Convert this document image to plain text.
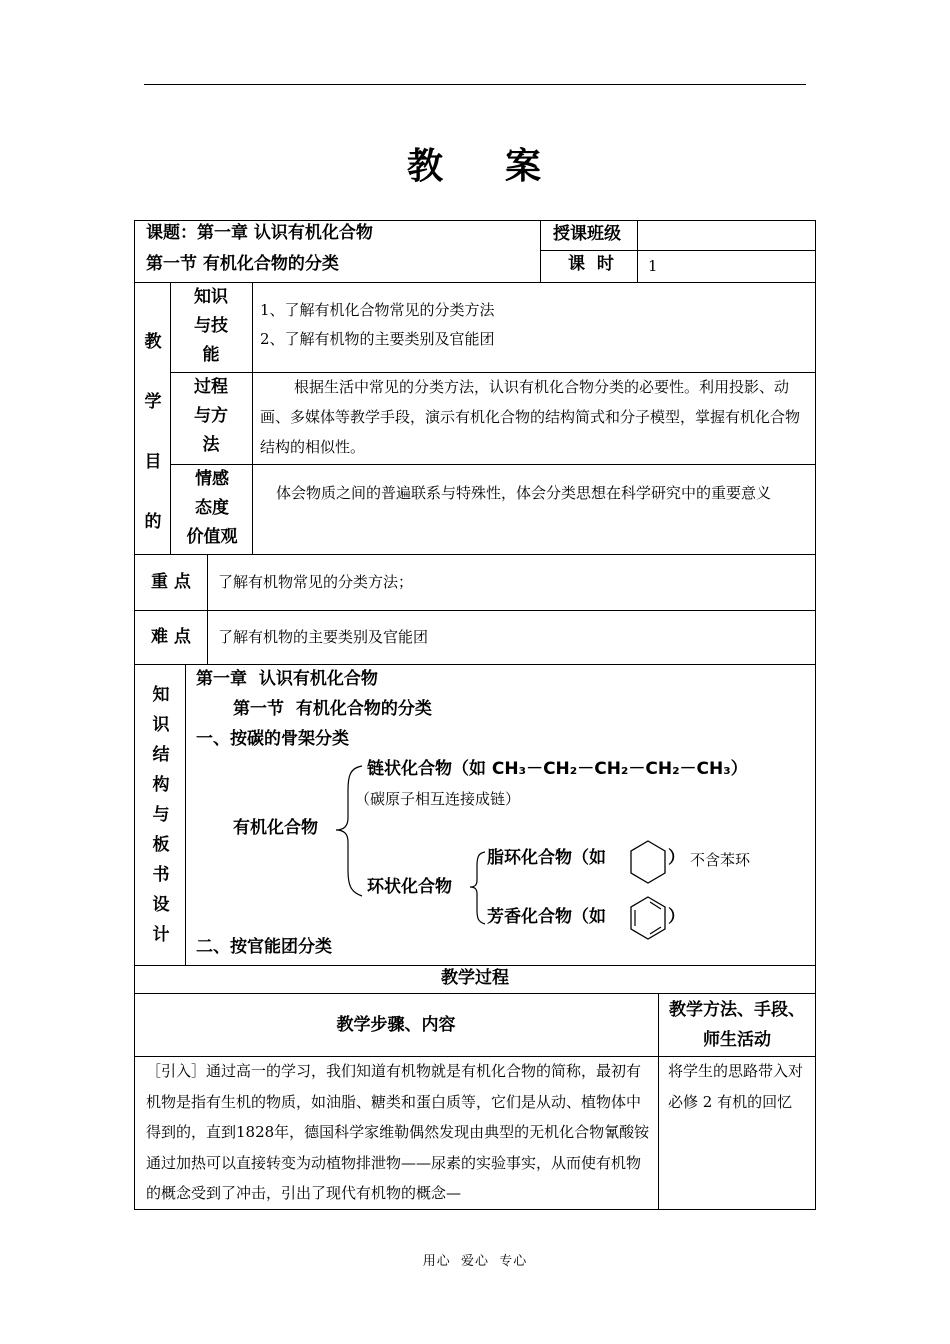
教 案
课题：第一章 认识有机化合物
第一节 有机化合物的分类
授课班级
课  时 1
教学目的
知识与技能
1、了解有机化合物常见的分类方法
2、了解有机物的主要类别及官能团
过程与方法
根据生活中常见的分类方法，认识有机化合物分类的必要性。利用投影、动画、多媒体等教学手段，演示有机化合物的结构简式和分子模型，掌握有机化合物结构的相似性。
情感
态度
价值观
体会物质之间的普遍联系与特殊性，体会分类思想在科学研究中的重要意义
重 点 了解有机物常见的分类方法；
难 点 了解有机物的主要类别及官能团
知识结构与板书设计
第一章  认识有机化合物
第一节  有机化合物的分类
一、按碳的骨架分类
链状化合物（如 CH₃－CH₂－CH₂－CH₂－CH₃）
（碳原子相互连接成链）
有机化合物
环状化合物
脂环化合物（如	） 不含苯环
芳香化合物（如	）
二、按官能团分类
教学过程
教学步骤、内容
教学方法、手段、
师生活动
［引入］通过高一的学习，我们知道有机物就是有机化合物的简称，最初有机物是指有生机的物质，如油脂、糖类和蛋白质等，它们是从动、植物体中得到的，直到1828年，德国科学家维勒偶然发现由典型的无机化合物氰酸铵通过加热可以直接转变为动植物排泄物——尿素的实验事实，从而使有机物的概念受到了冲击，引出了现代有机物的概念—
将学生的思路带入对必修 2 有机的回忆
用心  爱心  专心
